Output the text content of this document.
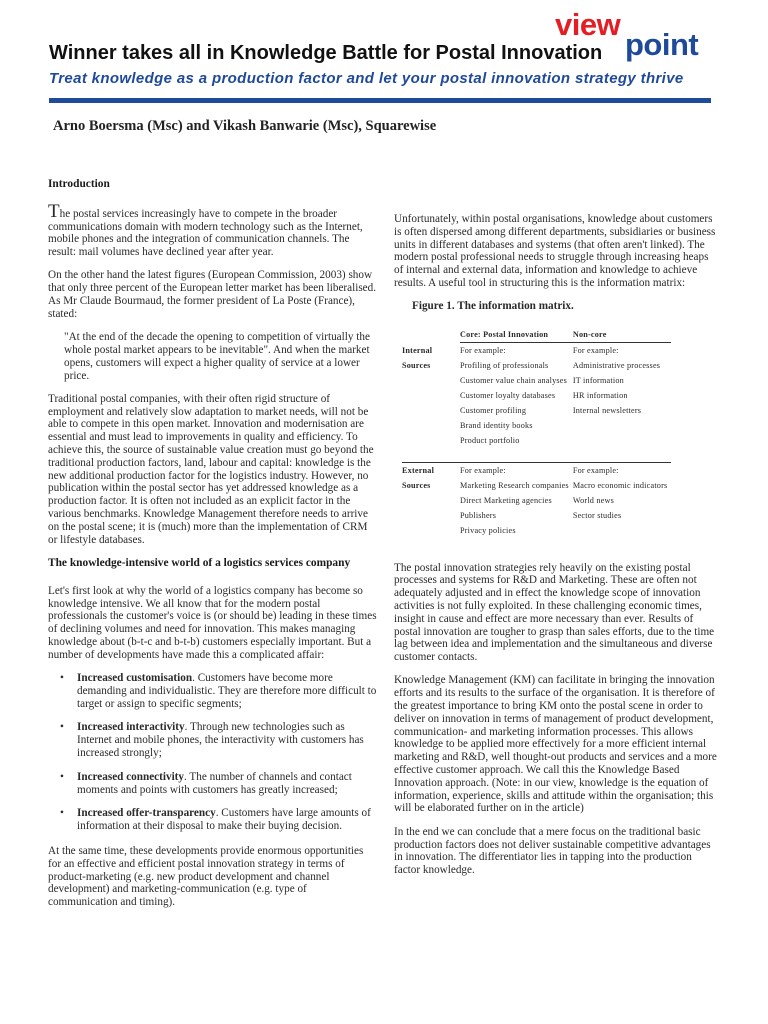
view
point
Winner takes all in Knowledge Battle for Postal Innovation
Treat knowledge as a production factor and let your postal innovation strategy thrive
Arno Boersma (Msc) and Vikash Banwarie (Msc), Squarewise
Introduction

The postal services increasingly have to compete in the broader communications domain with modern technology such as the Internet, mobile phones and the integration of communication channels. The result: mail volumes have declined year after year.

On the other hand the latest figures (European Commission, 2003) show that only three percent of the European letter market has been liberalised. As Mr Claude Bourmaud, the former president of La Poste (France), stated:

"At the end of the decade the opening to competition of virtually the whole postal market appears to be inevitable". And when the market opens, customers will expect a higher quality of service at a lower price.

Traditional postal companies, with their often rigid structure of employment and relatively slow adaptation to market needs, will not be able to compete in this open market. Innovation and modernisation are essential and must lead to improvements in quality and efficiency. To achieve this, the source of sustainable value creation must go beyond the traditional production factors, land, labour and capital: knowledge is the new additional production factor for the logistics industry. However, no publication within the postal sector has yet addressed knowledge as a production factor. It is often not included as an explicit factor in the various benchmarks. Knowledge Management therefore needs to arrive on the postal scene; it is (much) more than the implementation of CRM or lifestyle databases.

The knowledge-intensive world of a logistics services company

Let's first look at why the world of a logistics company has become so knowledge intensive. We all know that for the modern postal professionals the customer's voice is (or should be) leading in these times of declining volumes and need for innovation. This makes managing knowledge about (b-t-c and b-t-b) customers especially important. But a number of developments have made this a complicated affair:

• Increased customisation. Customers have become more demanding and individualistic. They are therefore more difficult to target or assign to specific segments;
• Increased interactivity. Through new technologies such as Internet and mobile phones, the interactivity with customers has increased strongly;
• Increased connectivity. The number of channels and contact moments and points with customers has greatly increased;
• Increased offer-transparency. Customers have large amounts of information at their disposal to make their buying decision.

At the same time, these developments provide enormous opportunities for an effective and efficient postal innovation strategy in terms of product-marketing (e.g. new product development and channel development) and marketing-communication (e.g. type of communication and timing).

Unfortunately, within postal organisations, knowledge about customers is often dispersed among different departments, subsidiaries or business units in different databases and systems (that often aren't linked). The modern postal professional needs to struggle through increasing heaps of internal and external data, information and knowledge to achieve results. A useful tool in structuring this is the information matrix:

Figure 1. The information matrix.
	Core: Postal Innovation	Non-core
Internal	For example:	For example:
Sources	Profiling of professionals	Administrative processes
	Customer value chain analyses	IT information
	Customer loyalty databases	HR information
	Customer profiling	Internal newsletters
	Brand identity books	
	Product portfolio	

External	For example:	For example:
Sources	Marketing Research companies	Macro economic indicators
	Direct Marketing agencies	World news
	Publishers	Sector studies
	Privacy policies	

The postal innovation strategies rely heavily on the existing postal processes and systems for R&D and Marketing. These are often not adequately adjusted and in effect the knowledge scope of innovation activities is not fully exploited. In these challenging economic times, insight in cause and effect are more necessary than ever. Results of postal innovation are tougher to grasp than sales efforts, due to the time lag between idea and implementation and the simultaneous and diverse customer contacts.

Knowledge Management (KM) can facilitate in bringing the innovation efforts and its results to the surface of the organisation. It is therefore of the greatest importance to bring KM onto the postal scene in order to deliver on innovation in terms of management of product development, communication- and marketing information processes. This allows knowledge to be applied more effectively for a more efficient internal marketing and R&D, well thought-out products and services and a more effective customer approach. We call this the Knowledge Based Innovation approach. (Note: in our view, knowledge is the equation of information, experience, skills and attitude within the organisation; this will be elaborated further on in the article)

In the end we can conclude that a mere focus on the traditional basic production factors does not deliver sustainable competitive advantages in innovation. The differentiator lies in tapping into the production factor knowledge.
